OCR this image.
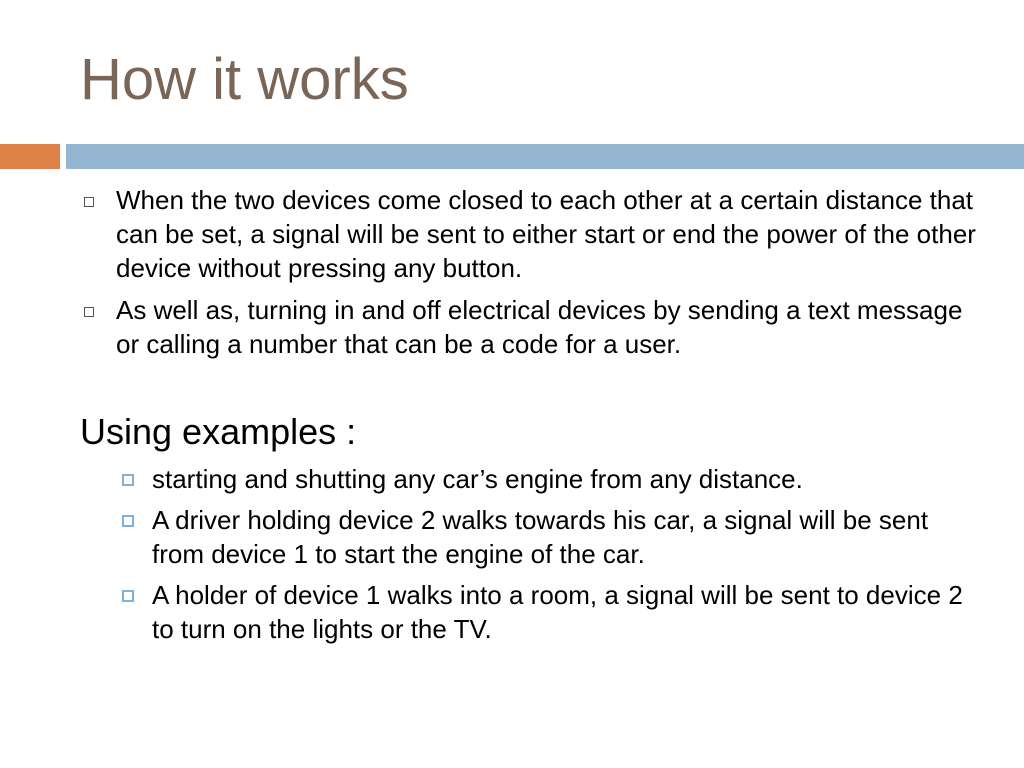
How it works
When the two devices come closed to each other at a certain distance that can be set, a signal will be sent to either start or end the power of the other device without pressing any button.
As well as, turning in and off electrical devices by sending a text message or calling a number that can be a code for a user.
Using examples :
starting and shutting any car’s engine from any distance.
A driver holding device 2 walks towards his car, a signal will be sent from device 1 to start the engine of the car.
A holder of device 1 walks into a room, a signal will be sent to device 2 to turn on the lights or the TV.
